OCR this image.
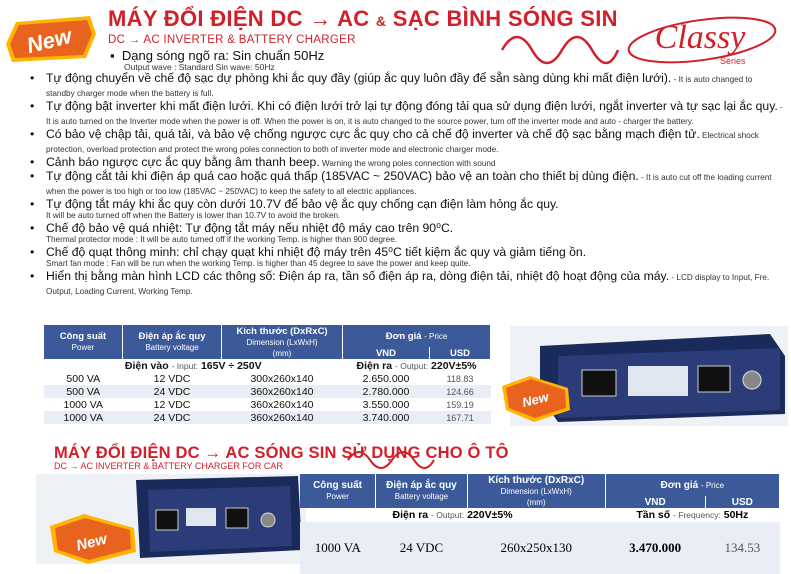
New
MÁY ĐỔI ĐIỆN DC → AC & SẠC BÌNH SÓNG SIN
DC → AC INVERTER & BATTERY CHARGER	Classy
Series
▪  Dạng sóng ngõ ra: Sin chuẩn 50Hz
Output wave : Standard Sin wave: 50Hz

• Tự động chuyển về chế độ sạc dự phòng khi ắc quy đầy (giúp ắc quy luôn đầy để sẵn sàng dùng khi mất điện lưới). - It is auto changed to standby charger mode when the battery is full.

• Tự động bật inverter khi mất điện lưới. Khi có điện lưới trở lại tự động đóng tải qua sử dụng điện lưới, ngắt inverter và tự sạc lại ắc quy. - It is auto turned on the Inverter mode when the power is off. When the power is on, it is auto changed to the source power, turn off the inverter mode and auto - charger the battery.

• Có bảo vệ chập tải, quá tải, và bảo vệ chống ngược cực ắc quy cho cả chế độ inverter và chế độ sạc bằng mạch điện tử. Electrical shock protection, overload protection and protect the wrong poles connection to both of inverter mode and electronic charger mode.

• Cảnh báo ngược cực ắc quy bằng âm thanh beep. Warning the wrong poles connection with sound

• Tự động cắt tải khi điện áp quá cao hoặc quá thấp (185VAC ~ 250VAC) bảo vệ an toàn cho thiết bị dùng điện. - It is auto cut off the loading current when the power is too high or too low (185VAC ~ 250VAC) to keep the safety to all electric appliances.

• Tự động tắt máy khi ắc quy còn dưới 10.7V để bảo vệ ắc quy chống cạn điện làm hỏng ắc quy.

It will be auto turned off when the Battery is lower than 10.7V to avoid the broken.

• Chế độ bảo vệ quá nhiệt: Tự động tắt máy nếu nhiệt độ máy cao trên 90⁰C.

Thermal protector mode : It will be auto turned off if the working Temp. is higher than 900 degree.

• Chế độ quạt thông minh: chỉ chạy quạt khi nhiệt độ máy trên 45⁰C tiết kiệm ắc quy và giảm tiếng ồn.

Smart fan mode : Fan will be run when the working Temp. is higher than 45 degree to save the power and keep quite.

• Hiển thị bằng màn hình LCD các thông số: Điện áp ra, tần số điện áp ra, dòng điện tải, nhiệt độ hoạt động của máy. - LCD display to Input, Fre. Output, Loading Current, Working Temp.

Công suất
Power	Điện áp ắc quy
Battery voltage	Kích thước (DxRxC)
Dimension (LxWxH)
(mm)	Đơn giá - Price	
			VND	USD
Điện vào - Input: 165V ÷ 250V			Điện ra - Output: 220V±5%	
500 VA	12 VDC	300x260x140	2.650.000	118.83
500 VA	24 VDC	360x260x140	2.780.000	124.66
1000 VA	12 VDC	360x260x140	3.550.000	159.19
1000 VA	24 VDC	360x260x140	3.740.000	167.71
New
MÁY ĐỔI ĐIỆN DC → AC SÓNG SIN SỬ DỤNG CHO Ô TÔ
DC → AC INVERTER & BATTERY CHARGER FOR CAR
New
Công suất
Power	Điện áp ắc quy
Battery voltage	Kích thước (DxRxC)
Dimension (LxWxH)
(mm)	Đơn giá - Price	
			VND	USD
Điện ra - Output: 220V±5%			Tần số - Frequency: 50Hz	
1000 VA	24 VDC	260x250x130	3.470.000	134.53
